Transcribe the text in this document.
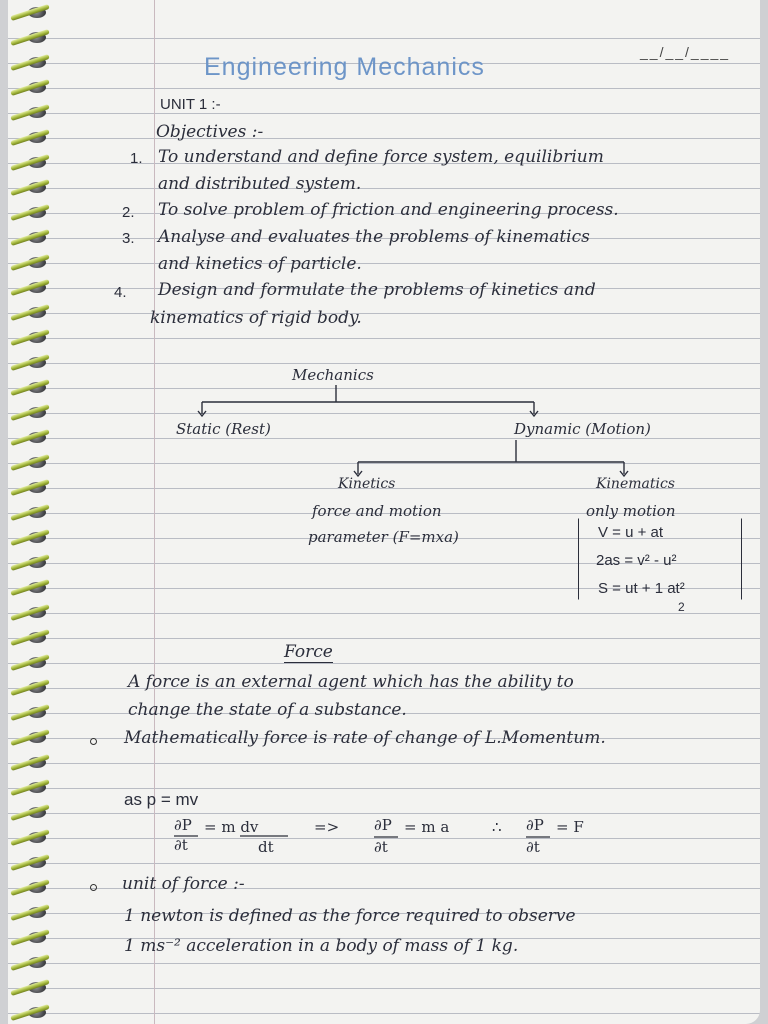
Engineering Mechanics
__/__/____
UNIT 1 :-
Objectives :-
1. To understand and define force system, equilibrium
and distributed system.
2. To solve problem of friction and engineering process.
3. Analyse and evaluates the problems of kinematics
and kinetics of particle.
4. Design and formulate the problems of kinetics and
kinematics of rigid body.
Mechanics
Static (Rest)	Dynamic (Motion)
Kinetics
force and motion
parameter (F=mxa)
Kinematics
only motion
V = u + at
2as = v² - u²
S = ut + 1 at²
2
Force
A force is an external agent which has the ability to
change the state of a substance.
Mathematically force is rate of change of L.Momentum.
as p = mv
∂P
∂t
= m dv
dt
=> ∂P
∂t
= m a	∴ ∂P
∂t
= F
unit of force :-
1 newton is defined as the force required to observe
1 ms⁻² acceleration in a body of mass of 1 kg.
